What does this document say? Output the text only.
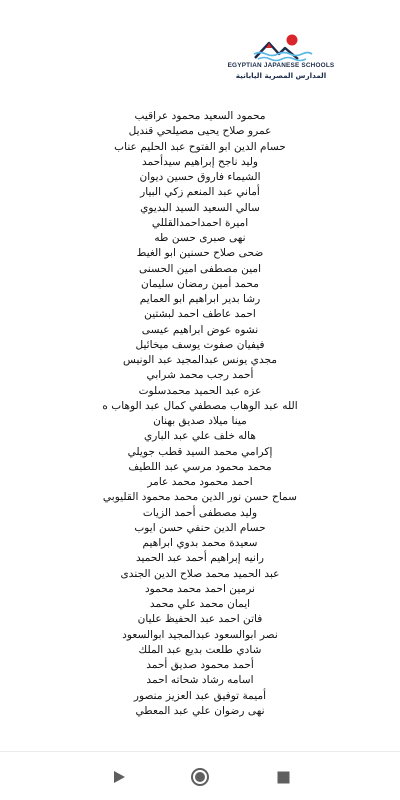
EGYPTIAN JAPANESE SCHOOLS
المدارس المصرية اليابانية
محمود السعيد محمود عراقيب
عمرو صلاح يحيى مصيلحي قنديل
حسام الدين ابو الفتوح عبد الحليم عناب
وليد ناجح إبراهيم سيدأحمد
الشيماء فاروق حسين ديوان
أماني عبد المنعم زكي البيار
سالي السعيد السيد البديوي
اميرة احمداحمدالقللي
نهى صبرى حسن طه
ضحى صلاح حسنين ابو الغيط
امين مصطفى امين الحسنى
محمد أمين رمضان سليمان
رشا بدير ابراهيم ابو العمايم
احمد عاطف احمد لبشتين
نشوه عوض ابراهيم عيسى
فيفيان صفوت يوسف ميخائيل
مجدي يونس عبدالمجيد عبد الونيس
أحمد رجب محمد شرابي
عزه عبد الحميد محمدسلوت
الله عبد الوهاب مصطفي كمال عبد الوهاب ه
مينا ميلاد صديق بهنان
هاله خلف علي عبد الباري
إكرامي محمد السيد قطب جويلي
محمد محمود مرسي عبد اللطيف
احمد محمود محمد عامر
سماح حسن نور الدين محمد محمود القليوبي
وليد مصطفى أحمد الزيات
حسام الدين حنفي حسن ايوب
سعيدة محمد بدوي ابراهيم
رانيه إبراهيم أحمد عبد الحميد
عبد الحميد محمد صلاح الدين الجندى
نرمين احمد محمد محمود
ايمان محمد علي محمد
فاتن احمد عبد الحفيظ عليان
نصر ابوالسعود عبدالمجيد ابوالسعود
شادي طلعت بديع عبد الملك
أحمد محمود صديق أحمد
اسامه رشاد شحاته احمد
أميمة توفيق عبد العزيز منصور
نهى رضوان علي عبد المعطي
